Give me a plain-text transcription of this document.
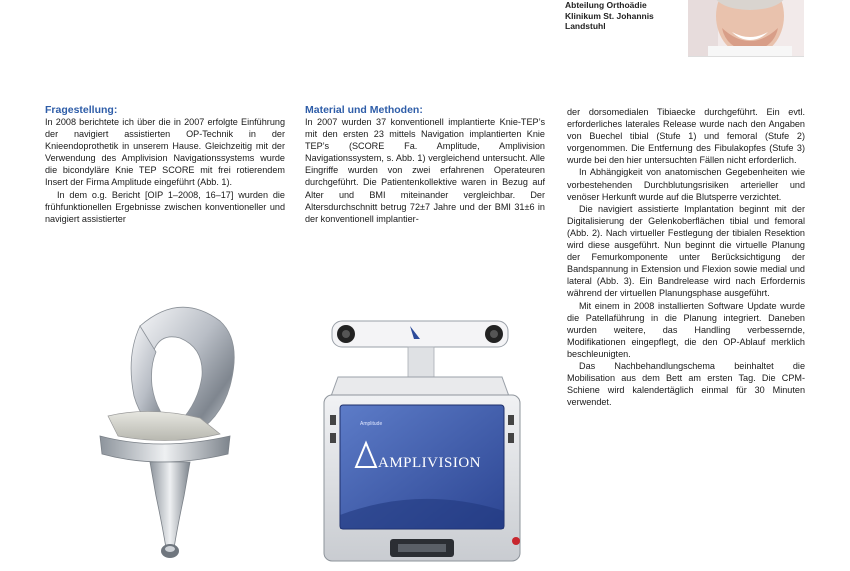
Abteilung Orthoädie
Klinikum St. Johannis
Landstuhl
Fragestellung:

In 2008 berichtete ich über die in 2007 erfolgte Einführung der navigiert assistierten OP-Technik in der Knieendoprothetik in unserem Hause. Gleichzeitig mit der Verwendung des Amplivision Navigationssystems wurde die bicondyläre Knie TEP SCORE mit frei rotierendem Insert der Firma Amplitude eingeführt (Abb. 1).

In dem o.g. Bericht [OIP 1–2008, 16–17] wurden die frühfunktionellen Ergebnisse zwischen konventioneller und navigiert assistierter

Material und Methoden:

In 2007 wurden 37 konventionell implantierte Knie-TEP’s mit den ersten 23 mittels Navigation implantierten Knie TEP’s (SCORE Fa. Amplitude, Amplivision Navigationssystem, s. Abb. 1) vergleichend untersucht. Alle Eingriffe wurden von zwei erfahrenen Operateuren durchgeführt. Die Patientenkollektive waren in Bezug auf Alter und BMI miteinander vergleichbar. Der Altersdurchschnitt betrug 72±7 Jahre und der BMI 31±6 in der konventionell implantier-

der dorsomedialen Tibiaecke durchgeführt. Ein evtl. erforderliches laterales Release wurde nach den Angaben von Buechel tibial (Stufe 1) und femoral (Stufe 2) vorgenommen. Die Entfernung des Fibulakopfes (Stufe 3) wurde bei den hier untersuchten Fällen nicht erforderlich.

In Abhängigkeit von anatomischen Gegebenheiten wie vorbestehenden Durchblutungsrisiken arterieller und venöser Herkunft wurde auf die Blutsperre verzichtet.

Die navigiert assistierte Implantation beginnt mit der Digitalisierung der Gelenkoberflächen tibial und femoral (Abb. 2). Nach virtueller Festlegung der tibialen Resektion wird diese ausgeführt. Nun beginnt die virtuelle Planung der Femurkomponente unter Berücksichtigung der Bandspannung in Extension und Flexion sowie medial und lateral (Abb. 3). Ein Bandrelease wird nach Erfordernis während der virtuellen Planungsphase ausgeführt.

Mit einem in 2008 installierten Software Update wurde die Patellaführung in die Planung integriert. Daneben wurden weitere, das Handling verbessernde, Modifikationen eingepflegt, die den OP-Ablauf merklich beschleunigten.

Das Nachbehandlungschema beinhaltet die Mobilisation aus dem Bett am ersten Tag. Die CPM-Schiene wird kalendertäglich einmal für 30 Minuten verwendet.

Amplitude
AMPLIVISION
